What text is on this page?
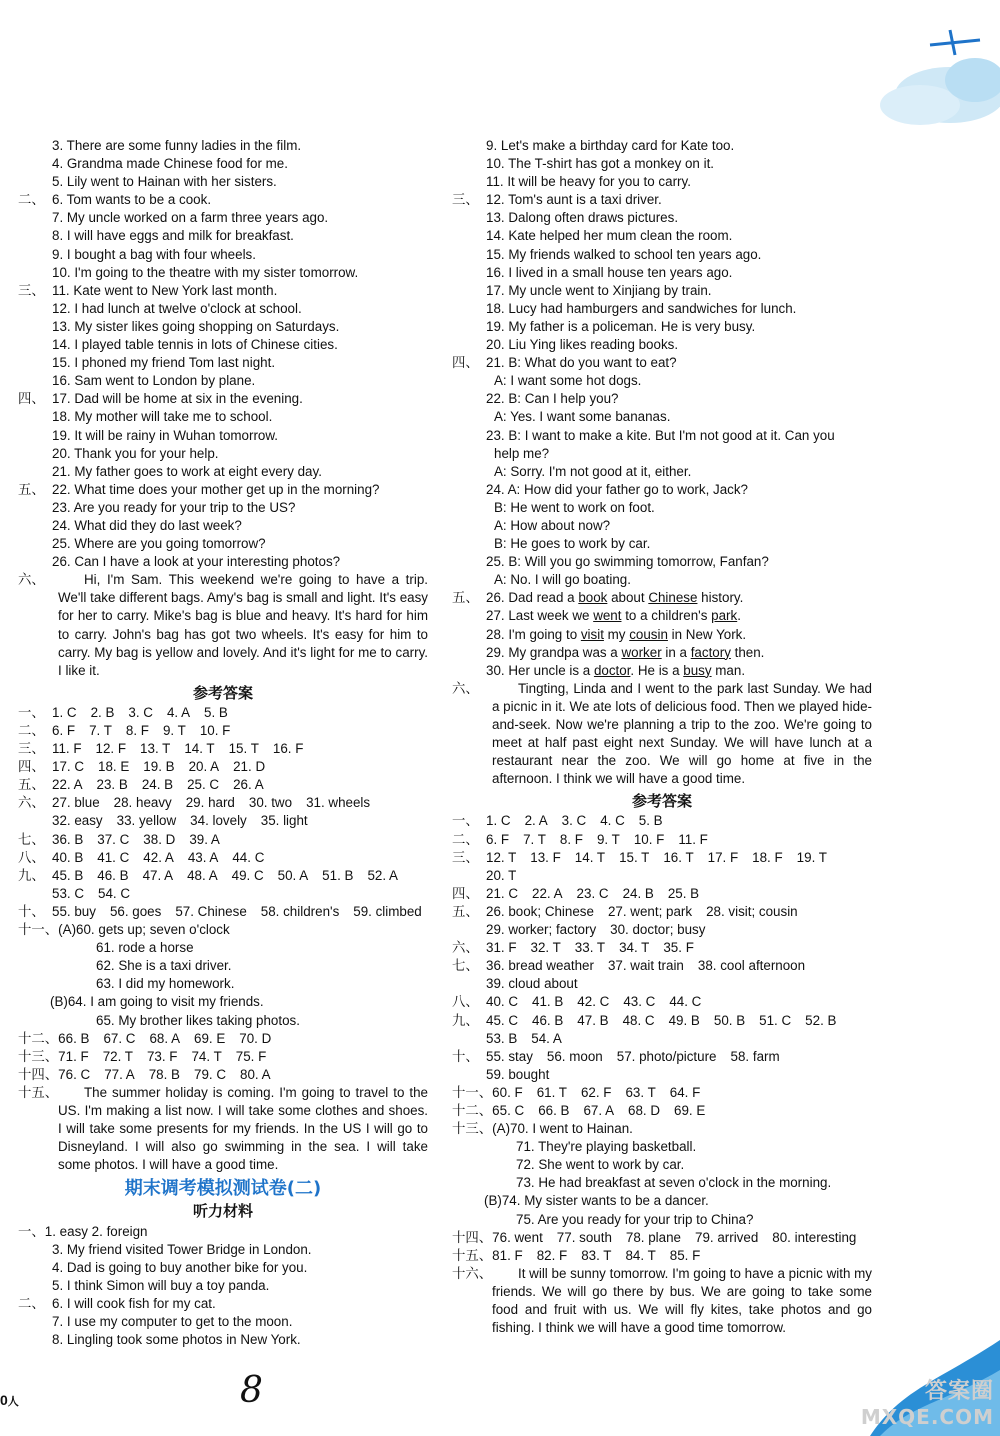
3. There are some funny ladies in the film.
4. Grandma made Chinese food for me.
5. Lily went to Hainan with her sisters.
二、 6. Tom wants to be a cook.
7. My uncle worked on a farm three years ago.
8. I will have eggs and milk for breakfast.
9. I bought a bag with four wheels.
10. I'm going to the theatre with my sister tomorrow.
三、 11. Kate went to New York last month.
12. I had lunch at twelve o'clock at school.
13. My sister likes going shopping on Saturdays.
14. I played table tennis in lots of Chinese cities.
15. I phoned my friend Tom last night.
16. Sam went to London by plane.
四、 17. Dad will be home at six in the evening.
18. My mother will take me to school.
19. It will be rainy in Wuhan tomorrow.
20. Thank you for your help.
21. My father goes to work at eight every day.
五、 22. What time does your mother get up in the morning?
23. Are you ready for your trip to the US?
24. What did they do last week?
25. Where are you going tomorrow?
26. Can I have a look at your interesting photos?
六、	Hi, I'm Sam. This weekend we're going to have a trip. We'll take different bags. Amy's bag is small and light. It's easy for her to carry. Mike's bag is blue and heavy. It's hard for him to carry. John's bag has got two wheels. It's easy for him to carry. My bag is yellow and lovely. And it's light for me to carry. I like it.

参考答案
一、 1. C 2. B 3. C 4. A 5. B
二、 6. F 7. T 8. F 9. T 10. F
三、 11. F 12. F 13. T 14. T 15. T 16. F
四、 17. C 18. E 19. B 20. A 21. D
五、 22. A 23. B 24. B 25. C 26. A
六、 27. blue 28. heavy 29. hard 30. two 31. wheels
32. easy 33. yellow 34. lovely 35. light
七、 36. B 37. C 38. D 39. A
八、 40. B 41. C 42. A 43. A 44. C
九、 45. B 46. B 47. A 48. A 49. C 50. A 51. B 52. A
53. C 54. C
十、 55. buy 56. goes 57. Chinese 58. children's 59. climbed
十一、(A)60. gets up; seven o'clock
61. rode a horse
62. She is a taxi driver.
63. I did my homework.
(B)64. I am going to visit my friends.
65. My brother likes taking photos.
十二、66. B 67. C 68. A 69. E 70. D
十三、71. F 72. T 73. F 74. T 75. F
十四、76. C 77. A 78. B 79. C 80. A
十五、	The summer holiday is coming. I'm going to travel to the US. I'm making a list now. I will take some clothes and shoes. I will take some presents for my friends. In the US I will go to Disneyland. I will also go swimming in the sea. I will take some photos. I will have a good time.

期末调考模拟测试卷(二)
听力材料
一、1. easy 2. foreign
3. My friend visited Tower Bridge in London.
4. Dad is going to buy another bike for you.
5. I think Simon will buy a toy panda.
二、 6. I will cook fish for my cat.
7. I use my computer to get to the moon.
8. Lingling took some photos in New York.
9. Let's make a birthday card for Kate too.
10. The T-shirt has got a monkey on it.
11. It will be heavy for you to carry.
三、 12. Tom's aunt is a taxi driver.
13. Dalong often draws pictures.
14. Kate helped her mum clean the room.
15. My friends walked to school ten years ago.
16. I lived in a small house ten years ago.
17. My uncle went to Xinjiang by train.
18. Lucy had hamburgers and sandwiches for lunch.
19. My father is a policeman. He is very busy.
20. Liu Ying likes reading books.
四、 21. B: What do you want to eat?
A: I want some hot dogs.
22. B: Can I help you?
A: Yes. I want some bananas.
23. B: I want to make a kite. But I'm not good at it. Can you
help me?
A: Sorry. I'm not good at it, either.
24. A: How did your father go to work, Jack?
B: He went to work on foot.
A: How about now?
B: He goes to work by car.
25. B: Will you go swimming tomorrow, Fanfan?
A: No. I will go boating.
五、 26. Dad read a book about Chinese history.
27. Last week we went to a children's park.
28. I'm going to visit my cousin in New York.
29. My grandpa was a worker in a factory then.
30. Her uncle is a doctor. He is a busy man.
六、	Tingting, Linda and I went to the park last Sunday. We had a picnic in it. We ate lots of delicious food. Then we played hide-and-seek. Now we're planning a trip to the zoo. We're going to meet at half past eight next Sunday. We will have lunch at a restaurant near the zoo. We will go home at five in the afternoon. I think we will have a good time.

参考答案
一、 1. C 2. A 3. C 4. C 5. B
二、 6. F 7. T 8. F 9. T 10. F 11. F
三、 12. T 13. F 14. T 15. T 16. T 17. F 18. F 19. T
20. T
四、 21. C 22. A 23. C 24. B 25. B
五、 26. book; Chinese 27. went; park 28. visit; cousin
29. worker; factory 30. doctor; busy
六、 31. F 32. T 33. T 34. T 35. F
七、 36. bread weather 37. wait train 38. cool afternoon
39. cloud about
八、 40. C 41. B 42. C 43. C 44. C
九、 45. C 46. B 47. B 48. C 49. B 50. B 51. C 52. B
53. B 54. A
十、 55. stay 56. moon 57. photo/picture 58. farm
59. bought
十一、60. F 61. T 62. F 63. T 64. F
十二、65. C 66. B 67. A 68. D 69. E
十三、(A)70. I went to Hainan.
71. They're playing basketball.
72. She went to work by car.
73. He had breakfast at seven o'clock in the morning.
(B)74. My sister wants to be a dancer.
75. Are you ready for your trip to China?
十四、76. went 77. south 78. plane 79. arrived 80. interesting
十五、81. F 82. F 83. T 84. T 85. F
十六、	It will be sunny tomorrow. I'm going to have a picnic with my friends. We will go there by bus. We are going to take some food and fruit with us. We will fly kites, take photos and go fishing. I think we will have a good time tomorrow.

0人	8	答案圈
MXQE.COM
